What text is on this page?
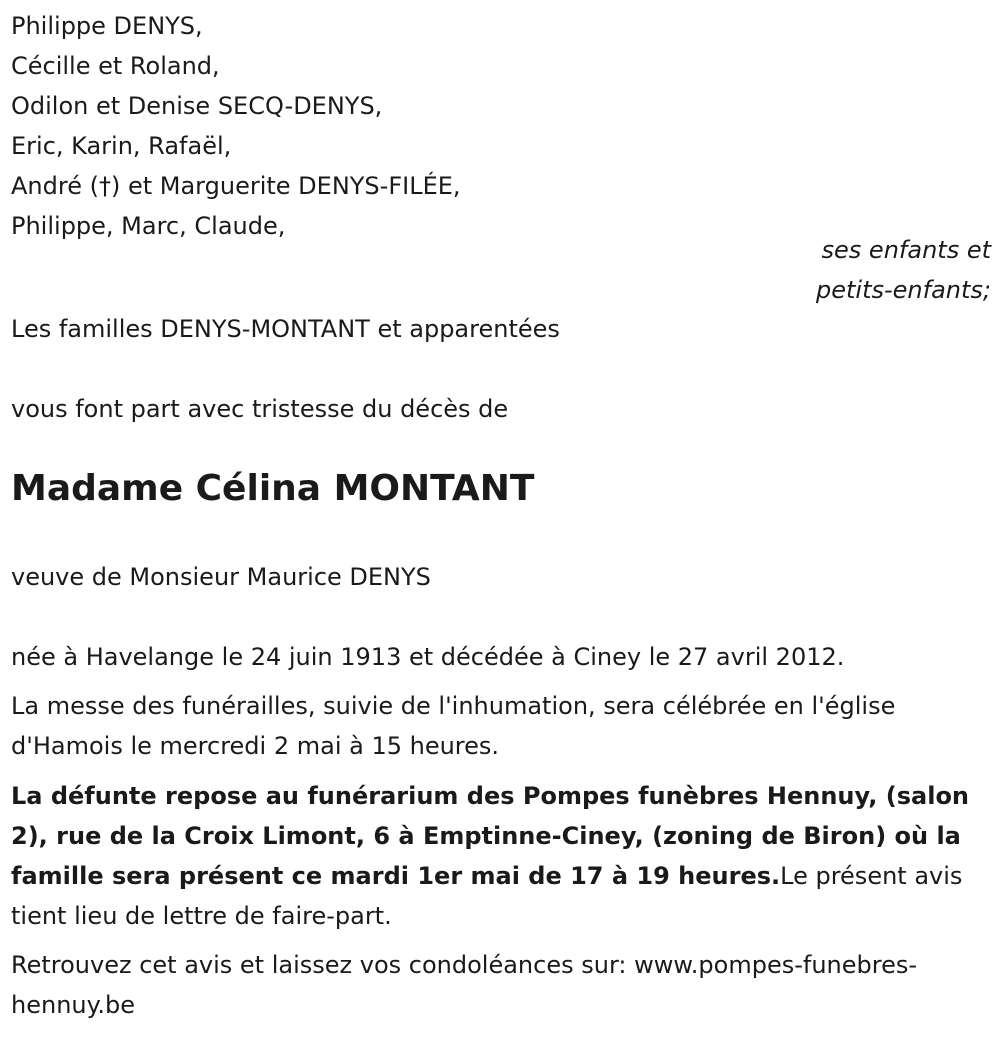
Philippe DENYS,
Cécille et Roland,
Odilon et Denise SECQ-DENYS,
Eric, Karin, Rafaël,
André (†) et Marguerite DENYS-FILÉE,
Philippe, Marc, Claude,
ses enfants et
petits-enfants;
Les familles DENYS-MONTANT et apparentées
vous font part avec tristesse du décès de
Madame Célina MONTANT
veuve de Monsieur Maurice DENYS
née à Havelange le 24 juin 1913 et décédée à Ciney le 27 avril 2012.
La messe des funérailles, suivie de l'inhumation, sera célébrée en l'église d'Hamois le mercredi 2 mai à 15 heures.
La défunte repose au funérarium des Pompes funèbres Hennuy, (salon 2), rue de la Croix Limont, 6 à Emptinne-Ciney, (zoning de Biron) où la famille sera présent ce mardi 1er mai de 17 à 19 heures.Le présent avis tient lieu de lettre de faire-part.
Retrouvez cet avis et laissez vos condoléances sur: www.pompes-funebres-hennuy.be
